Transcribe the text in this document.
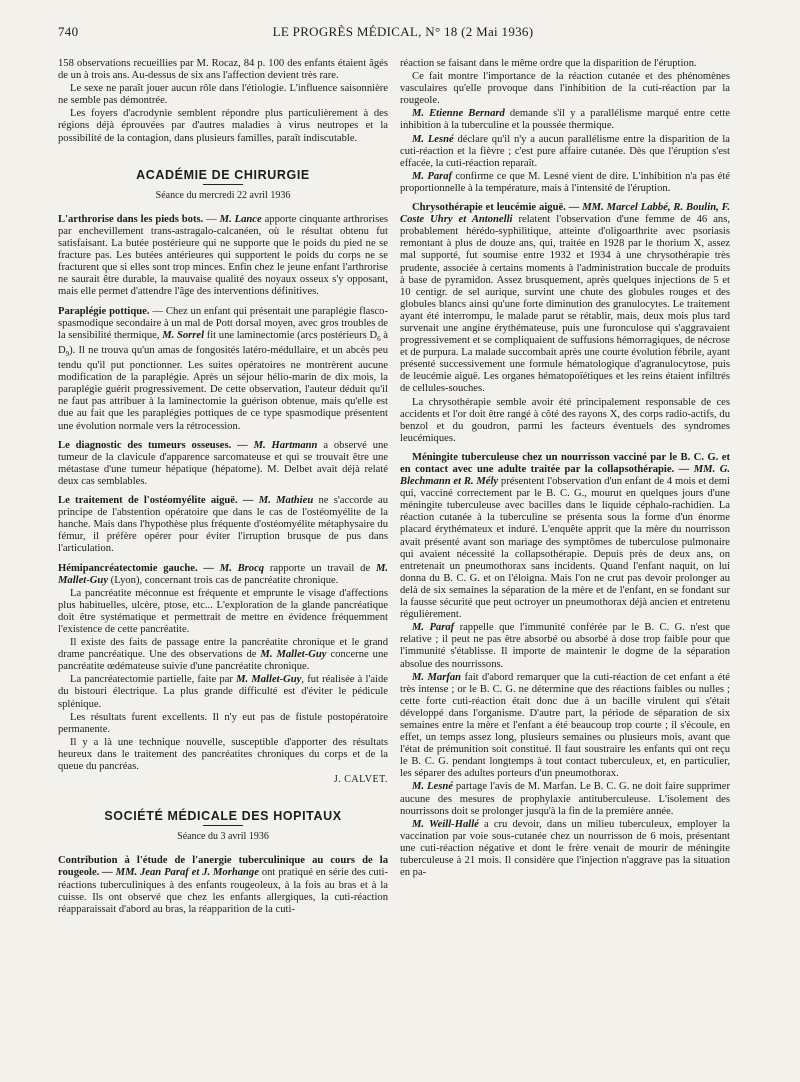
740	LE PROGRÈS MÉDICAL, N° 18 (2 Mai 1936)

158 observations recueillies par M. Rocaz, 84 p. 100 des enfants étaient âgés de un à trois ans. Au-dessus de six ans l'affection devient très rare.

Le sexe ne paraît jouer aucun rôle dans l'étiologie. L'influence saisonnière ne semble pas démontrée.

Les foyers d'acrodynie semblent répondre plus particulièrement à des régions déjà éprouvées par d'autres maladies à virus neutropes et la possibilité de la contagion, dans plusieurs familles, paraît indiscutable.

ACADÉMIE DE CHIRURGIE
Séance du mercredi 22 avril 1936

L'arthrorise dans les pieds bots. — M. Lance apporte cinquante arthrorises par enchevillement trans-astragalo-calcanéen, où le résultat obtenu fut satisfaisant. La butée postérieure qui ne supporte que le poids du pied ne se fracture pas. Les butées antérieures qui supportent le poids du corps ne se fracturent que si elles sont trop minces. Enfin chez le jeune enfant l'arthrorise ne saurait être durable, la mauvaise qualité des noyaux osseux s'y opposant, mais elle permet d'attendre l'âge des interventions définitives.

Paraplégie pottique. — Chez un enfant qui présentait une paraplégie flasco-spasmodique secondaire à un mal de Pott dorsal moyen, avec gros troubles de la sensibilité thermique, M. Sorrel fit une laminectomie (arcs postérieurs $D_6$ à $D_9$). Il ne trouva qu'un amas de fongosités latéro-médullaire, et un abcès peu tendu qu'il put ponctionner. Les suites opératoires ne montrèrent aucune modification de la paraplégie. Après un séjour hélio-marin de dix mois, la paraplégie guérit progressivement. De cette observation, l'auteur déduit qu'il ne faut pas attribuer à la laminectomie la guérison obtenue, mais qu'elle est due au fait que les paraplégies pottiques de ce type spasmodique présentent une évolution normale vers la rétrocession.

Le diagnostic des tumeurs osseuses. — M. Hartmann a observé une tumeur de la clavicule d'apparence sarcomateuse et qui se trouvait être une métastase d'une tumeur hépatique (hépatome). M. Delbet avait déjà relaté deux cas semblables.

Le traitement de l'ostéomyélite aiguë. — M. Mathieu ne s'accorde au principe de l'abstention opératoire que dans le cas de l'ostéomyélite de la hanche. Mais dans l'hypothèse plus fréquente d'ostéomyélite métaphysaire du fémur, il préfère opérer pour éviter l'irruption brusque de pus dans l'articulation.

Hémipancréatectomie gauche. — M. Brocq rapporte un travail de M. Mallet-Guy (Lyon), concernant trois cas de pancréatite chronique.

La pancréatite méconnue est fréquente et emprunte le visage d'affections plus habituelles, ulcère, ptose, etc... L'exploration de la glande pancréatique doit être systématique et permettrait de mettre en évidence fréquemment l'existence de cette pancréatite.

Il existe des faits de passage entre la pancréatite chronique et le grand drame pancréatique. Une des observations de M. Mallet-Guy concerne une pancréatite œdémateuse suivie d'une pancréatite chronique.

La pancréatectomie partielle, faite par M. Mallet-Guy, fut réalisée à l'aide du bistouri électrique. La plus grande difficulté est d'éviter le pédicule splénique.

Les résultats furent excellents. Il n'y eut pas de fistule postopératoire permanente.

Il y a là une technique nouvelle, susceptible d'apporter des résultats heureux dans le traitement des pancréatites chroniques du corps et de la queue du pancréas.

J. CALVET.
SOCIÉTÉ MÉDICALE DES HOPITAUX
Séance du 3 avril 1936

Contribution à l'étude de l'anergie tuberculinique au cours de la rougeole. — MM. Jean Paraf et J. Morhange ont pratiqué en série des cuti-réactions tuberculiniques à des enfants rougeoleux, à la fois au bras et à la cuisse. Ils ont observé que chez les enfants allergiques, la cuti-réaction réapparaissait d'abord au bras, la réapparition de la cuti-

réaction se faisant dans le même ordre que la disparition de l'éruption.

Ce fait montre l'importance de la réaction cutanée et des phénomènes vasculaires qu'elle provoque dans l'inhibition de la cuti-réaction par la rougeole.

M. Etienne Bernard demande s'il y a parallélisme marqué entre cette inhibition à la tuberculine et la poussée thermique.

M. Lesné déclare qu'il n'y a aucun parallélisme entre la disparition de la cuti-réaction et la fièvre ; c'est pure affaire cutanée. Dès que l'éruption s'est effacée, la cuti-réaction reparaît.

M. Paraf confirme ce que M. Lesné vient de dire. L'inhibition n'a pas été proportionnelle à la température, mais à l'intensité de l'éruption.

Chrysothérapie et leucémie aiguë. — MM. Marcel Labbé, R. Boulin, F. Coste Uhry et Antonelli relatent l'observation d'une femme de 46 ans, probablement hérédo-syphilitique, atteinte d'oligoarthrite avec psoriasis remontant à plus de douze ans, qui, traitée en 1928 par le thorium X, assez mal supporté, fut soumise entre 1932 et 1934 à une chrysothérapie très prudente, associée à certains moments à l'administration buccale de produits à base de pyramidon. Assez brusquement, après quelques injections de 5 et 10 centigr. de sel aurique, survint une chute des globules rouges et des globules blancs ainsi qu'une forte diminution des granulocytes. Le traitement ayant été interrompu, le malade parut se rétablir, mais, deux mois plus tard survenait une angine érythémateuse, puis une furonculose qui s'aggravaient progressivement et se compliquaient de suffusions hémorragiques, de nécrose et de purpura. La malade succombait après une courte évolution fébrile, ayant présenté successivement une formule hématologique d'agranulocytose, puis de leucémie aiguë. Les organes hématopoïétiques et les reins étaient infiltrés de cellules-souches.

La chrysothérapie semble avoir été principalement responsable de ces accidents et l'or doit être rangé à côté des rayons X, des corps radio-actifs, du benzol et du goudron, parmi les facteurs éventuels des syndromes leucémiques.

Méningite tuberculeuse chez un nourrisson vacciné par le B. C. G. et en contact avec une adulte traitée par la collapsothérapie. — MM. G. Blechmann et R. Mély présentent l'observation d'un enfant de 4 mois et demi qui, vacciné correctement par le B. C. G., mourut en quelques jours d'une méningite tuberculeuse avec bacilles dans le liquide céphalo-rachidien. La réaction cutanée à la tuberculine se présenta sous la forme d'un énorme placard érythémateux et induré. L'enquête apprit que la mère du nourrisson avait présenté avant son mariage des symptômes de tuberculose pulmonaire qui avaient nécessité la collapsothérapie. Depuis près de deux ans, on entretenait un pneumothorax sans incidents. Quand l'enfant naquit, on lui donna du B. C. G. et on l'éloigna. Mais l'on ne crut pas devoir prolonger au delà de six semaines la séparation de la mère et de l'enfant, en se fondant sur la fausse sécurité que peut octroyer un pneumothorax déjà ancien et entretenu régulièrement.

M. Paraf rappelle que l'immunité conférée par le B. C. G. n'est que relative ; il peut ne pas être absorbé ou absorbé à dose trop faible pour que l'immunité s'établisse. Il importe de maintenir le dogme de la séparation absolue des nourrissons.

M. Marfan fait d'abord remarquer que la cuti-réaction de cet enfant a été très intense ; or le B. C. G. ne détermine que des réactions faibles ou nulles ; cette forte cuti-réaction était donc due à un bacille virulent qui s'était développé dans l'organisme. D'autre part, la période de séparation de six semaines entre la mère et l'enfant a été beaucoup trop courte ; il s'écoule, en effet, un temps assez long, plusieurs semaines ou plusieurs mois, avant que l'état de prémunition soit constitué. Il faut soustraire les enfants qui ont reçu le B. C. G. pendant longtemps à tout contact tuberculeux, et, en particulier, les séparer des adultes porteurs d'un pneumothorax.

M. Lesné partage l'avis de M. Marfan. Le B. C. G. ne doit faire supprimer aucune des mesures de prophylaxie antituberculeuse. L'isolement des nourrissons doit se prolonger jusqu'à la fin de la première année.

M. Weill-Hallé a cru devoir, dans un milieu tuberculeux, employer la vaccination par voie sous-cutanée chez un nourrisson de 6 mois, présentant une cuti-réaction négative et dont le frère venait de mourir de méningite tuberculeuse à 21 mois. Il considère que l'injection n'aggrave pas la situation en pa-
